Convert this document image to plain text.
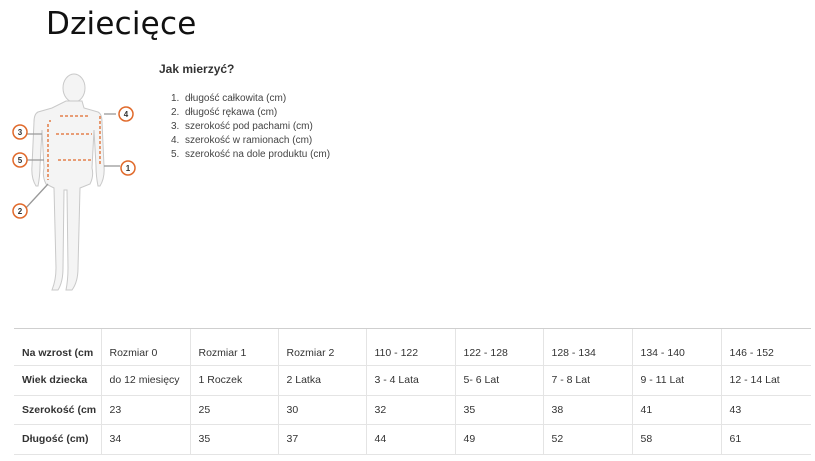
Dziecięce
4
3
5
1
2
Jak mierzyć?
1. długość całkowita (cm)
2. długość rękawa (cm)
3. szerokość pod pachami (cm)
4. szerokość w ramionach (cm)
5. szerokość na dole produktu (cm)
Na wzrost (cm	Rozmiar 0	Rozmiar 1	Rozmiar 2	110 - 122	122 - 128	128 - 134	134 - 140	146 - 152
Wiek dziecka	do 12 miesięcy	1 Roczek	2 Latka	3 - 4 Lata	5- 6 Lat	7 - 8 Lat	9 - 11 Lat	12 - 14 Lat
Szerokość (cm	23	25	30	32	35	38	41	43
Długość (cm)	34	35	37	44	49	52	58	61
